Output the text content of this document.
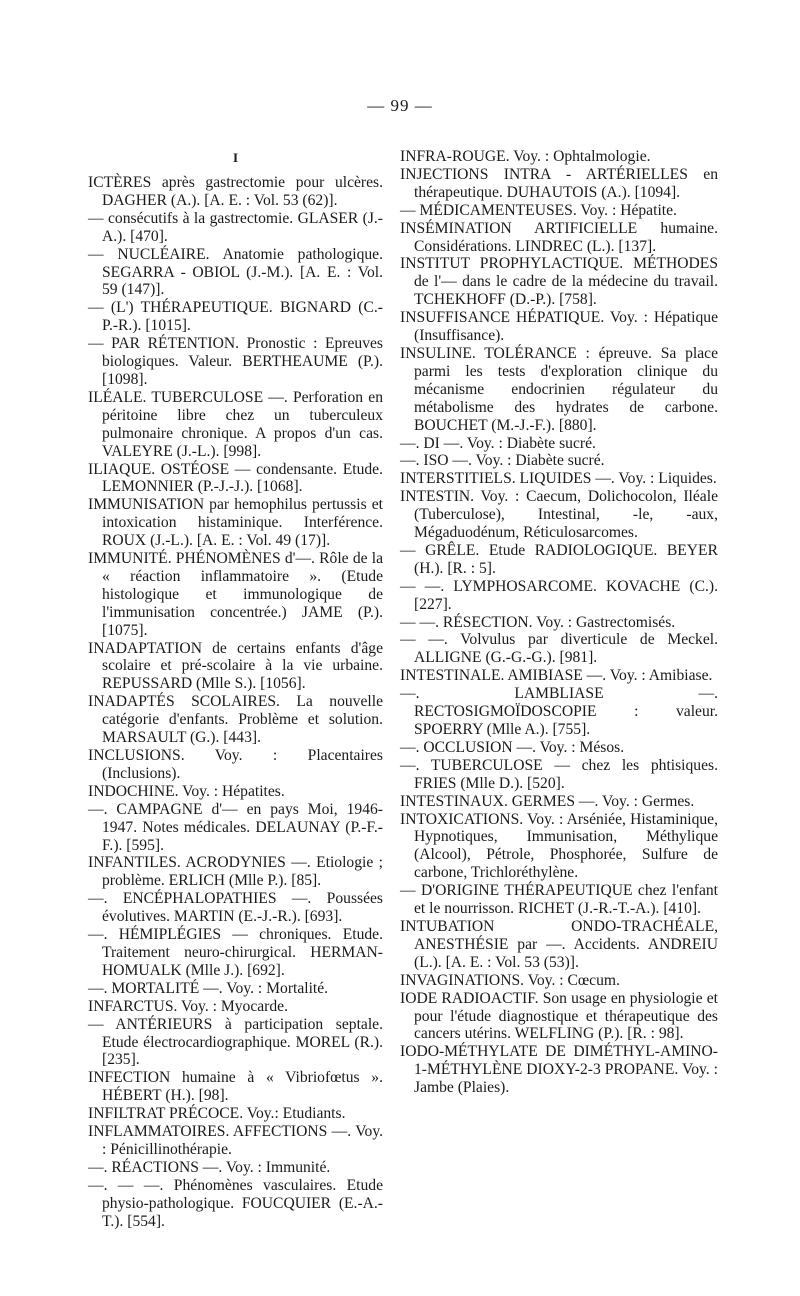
— 99 —
I
ICTÈRES après gastrectomie pour ulcères. DAGHER (A.). [A. E. : Vol. 53 (62)].
— consécutifs à la gastrectomie. GLASER (J.-A.). [470].
— NUCLÉAIRE. Anatomie pathologique. SEGARRA - OBIOL (J.-M.). [A. E. : Vol. 59 (147)].
— (L') THÉRAPEUTIQUE. BIGNARD (C.-P.-R.). [1015].
— PAR RÉTENTION. Pronostic : Epreuves biologiques. Valeur. BERTHEAUME (P.). [1098].
ILÉALE. TUBERCULOSE —. Perforation en péritoine libre chez un tuberculeux pulmonaire chronique. A propos d'un cas. VALEYRE (J.-L.). [998].
ILIAQUE. OSTÉOSE — condensante. Etude. LEMONNIER (P.-J.-J.). [1068].
IMMUNISATION par hemophilus pertussis et intoxication histaminique. Interférence. ROUX (J.-L.). [A. E. : Vol. 49 (17)].
IMMUNITÉ. PHÉNOMÈNES d'—. Rôle de la « réaction inflammatoire ». (Etude histologique et immunologique de l'immunisation concentrée.) JAME (P.). [1075].
INADAPTATION de certains enfants d'âge scolaire et pré-scolaire à la vie urbaine. REPUSSARD (Mlle S.). [1056].
INADAPTÉS SCOLAIRES. La nouvelle catégorie d'enfants. Problème et solution. MARSAULT (G.). [443].
INCLUSIONS. Voy. : Placentaires (Inclusions).
INDOCHINE. Voy. : Hépatites.
—. CAMPAGNE d'— en pays Moi, 1946-1947. Notes médicales. DELAUNAY (P.-F.-F.). [595].
INFANTILES. ACRODYNIES —. Etiologie ; problème. ERLICH (Mlle P.). [85].
—. ENCÉPHALOPATHIES —. Poussées évolutives. MARTIN (E.-J.-R.). [693].
—. HÉMIPLÉGIES — chroniques. Etude. Traitement neuro-chirurgical. HERMAN-HOMUALK (Mlle J.). [692].
—. MORTALITÉ —. Voy. : Mortalité.
INFARCTUS. Voy. : Myocarde.
— ANTÉRIEURS à participation septale. Etude électrocardiographique. MOREL (R.). [235].
INFECTION humaine à « Vibriofœtus ». HÉBERT (H.). [98].
INFILTRAT PRÉCOCE. Voy.: Etudiants.
INFLAMMATOIRES. AFFECTIONS —. Voy. : Pénicillinothérapie.
—. RÉACTIONS —. Voy. : Immunité.
—. — —. Phénomènes vasculaires. Etude physio-pathologique. FOUCQUIER (E.-A.-T.). [554].
INFRA-ROUGE. Voy. : Ophtalmologie.
INJECTIONS INTRA - ARTÉRIELLES en thérapeutique. DUHAUTOIS (A.). [1094].
— MÉDICAMENTEUSES. Voy. : Hépatite.
INSÉMINATION ARTIFICIELLE humaine. Considérations. LINDREC (L.). [137].
INSTITUT PROPHYLACTIQUE. MÉTHODES de l'— dans le cadre de la médecine du travail. TCHEKHOFF (D.-P.). [758].
INSUFFISANCE HÉPATIQUE. Voy. : Hépatique (Insuffisance).
INSULINE. TOLÉRANCE : épreuve. Sa place parmi les tests d'exploration clinique du mécanisme endocrinien régulateur du métabolisme des hydrates de carbone. BOUCHET (M.-J.-F.). [880].
—. DI —. Voy. : Diabète sucré.
—. ISO —. Voy. : Diabète sucré.
INTERSTITIELS. LIQUIDES —. Voy. : Liquides.
INTESTIN. Voy. : Caecum, Dolichocolon, Iléale (Tuberculose), Intestinal, -le, -aux, Mégaduodénum, Réticulosarcomes.
— GRÊLE. Etude RADIOLOGIQUE. BEYER (H.). [R. : 5].
— —. LYMPHOSARCOME. KOVACHE (C.). [227].
— —. RÉSECTION. Voy. : Gastrectomisés.
— —. Volvulus par diverticule de Meckel. ALLIGNE (G.-G.-G.). [981].
INTESTINALE. AMIBIASE —. Voy. : Amibiase.
—. LAMBLIASE —. RECTOSIGMOÏDOSCOPIE : valeur. SPOERRY (Mlle A.). [755].
—. OCCLUSION —. Voy. : Mésos.
—. TUBERCULOSE — chez les phtisiques. FRIES (Mlle D.). [520].
INTESTINAUX. GERMES —. Voy. : Germes.
INTOXICATIONS. Voy. : Arséniée, Histaminique, Hypnotiques, Immunisation, Méthylique (Alcool), Pétrole, Phosphorée, Sulfure de carbone, Trichloréthylène.
— D'ORIGINE THÉRAPEUTIQUE chez l'enfant et le nourrisson. RICHET (J.-R.-T.-A.). [410].
INTUBATION ONDO-TRACHÉALE, ANESTHÉSIE par —. Accidents. ANDREIU (L.). [A. E. : Vol. 53 (53)].
INVAGINATIONS. Voy. : Cœcum.
IODE RADIOACTIF. Son usage en physiologie et pour l'étude diagnostique et thérapeutique des cancers utérins. WELFLING (P.). [R. : 98].
IODO-MÉTHYLATE DE DIMÉTHYL-AMINO-1-MÉTHYLÈNE DIOXY-2-3 PROPANE. Voy. : Jambe (Plaies).
